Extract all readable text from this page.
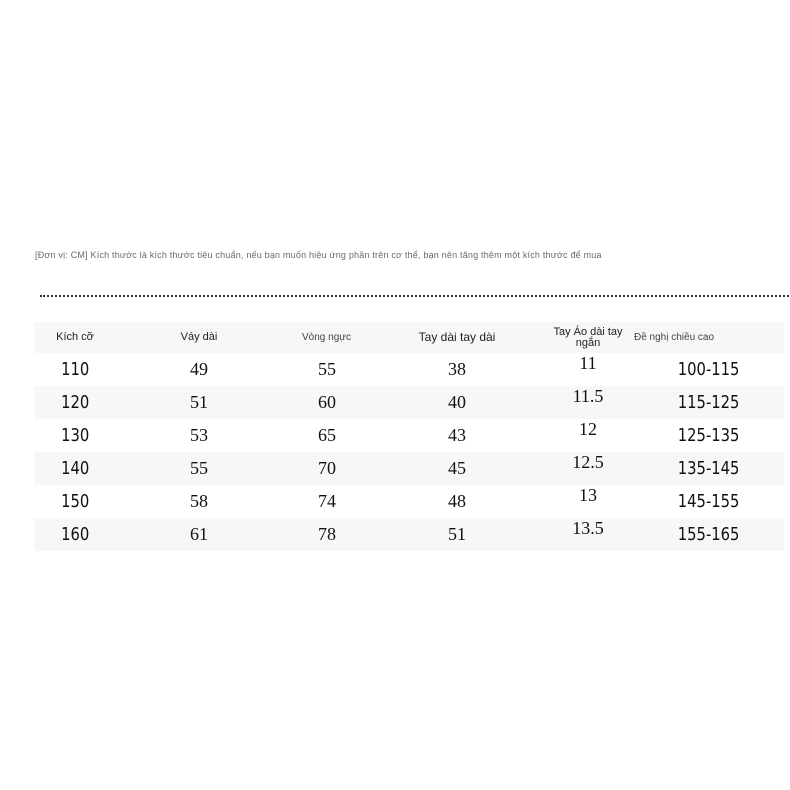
[Đơn vị: CM] Kích thước là kích thước tiêu chuẩn, nếu bạn muốn hiệu ứng phần trên cơ thể, bạn nên tăng thêm một kích thước để mua
Kích cỡ	Váy dài	Vòng ngực	Tay dài tay dài	Tay Áo dài tay ngắn	Đề nghị chiều cao
110	49	55	38	11	100-115
120	51	60	40	11.5	115-125
130	53	65	43	12	125-135
140	55	70	45	12.5	135-145
150	58	74	48	13	145-155
160	61	78	51	13.5	155-165
